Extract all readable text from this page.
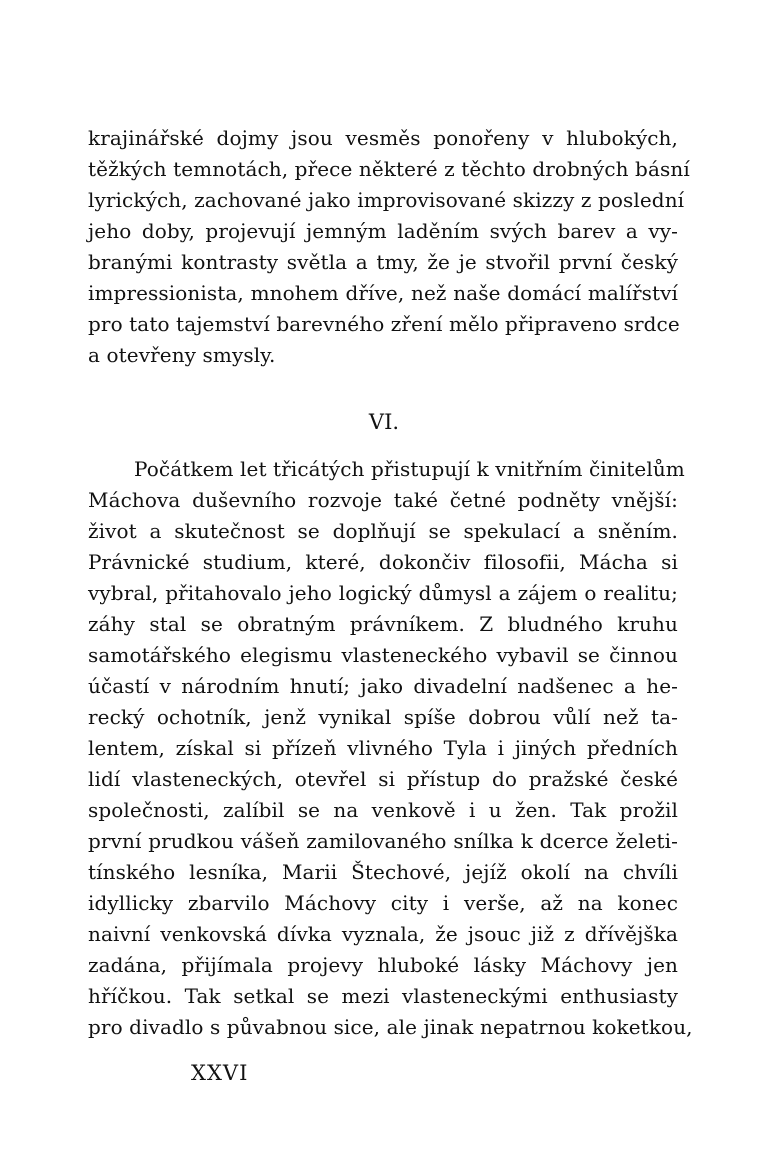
krajinářské dojmy jsou vesměs ponořeny v hlubokých,
těžkých temnotách, přece některé z těchto drobných básní
lyrických, zachované jako improvisované skizzy z poslední
jeho doby, projevují jemným laděním svých barev a vy-
branými kontrasty světla a tmy, že je stvořil první český
impressionista, mnohem dříve, než naše domácí malířství
pro tato tajemství barevného zření mělo připraveno srdce
a otevřeny smysly.
VI.
Počátkem let třicátých přistupují k vnitřním činitelům
Máchova duševního rozvoje také četné podněty vnější:
život a skutečnost se doplňují se spekulací a sněním.
Právnické studium, které, dokončiv filosofii, Mácha si
vybral, přitahovalo jeho logický důmysl a zájem o realitu;
záhy stal se obratným právníkem. Z bludného kruhu
samotářského elegismu vlasteneckého vybavil se činnou
účastí v národním hnutí; jako divadelní nadšenec a he-
recký ochotník, jenž vynikal spíše dobrou vůlí než ta-
lentem, získal si přízeň vlivného Tyla i jiných předních
lidí vlasteneckých, otevřel si přístup do pražské české
společnosti, zalíbil se na venkově i u žen. Tak prožil
první prudkou vášeň zamilovaného snílka k dcerce želeti-
tínského lesníka, Marii Štechové, jejíž okolí na chvíli
idyllicky zbarvilo Máchovy city i verše, až na konec
naivní venkovská dívka vyznala, že jsouc již z dřívějška
zadána, přijímala projevy hluboké lásky Máchovy jen
hříčkou. Tak setkal se mezi vlasteneckými enthusiasty
pro divadlo s půvabnou sice, ale jinak nepatrnou koketkou,
XXVI
